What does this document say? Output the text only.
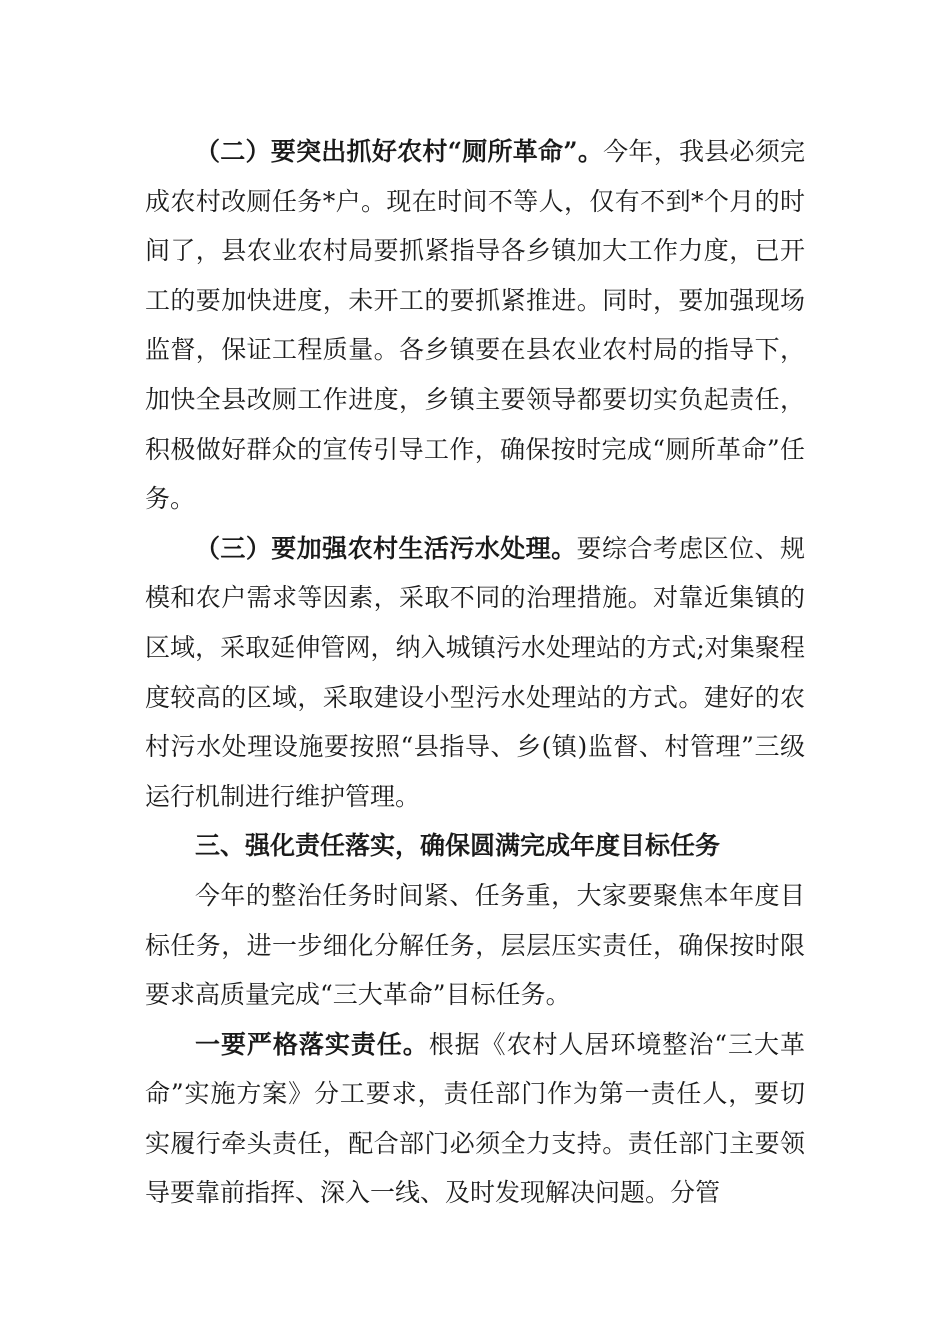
（二）要突出抓好农村“厕所革命”。今年，我县必须完成农村改厕任务*户。现在时间不等人，仅有不到*个月的时间了，县农业农村局要抓紧指导各乡镇加大工作力度，已开工的要加快进度，未开工的要抓紧推进。同时，要加强现场监督，保证工程质量。各乡镇要在县农业农村局的指导下，加快全县改厕工作进度，乡镇主要领导都要切实负起责任，积极做好群众的宣传引导工作，确保按时完成“厕所革命”任务。

（三）要加强农村生活污水处理。要综合考虑区位、规模和农户需求等因素，采取不同的治理措施。对靠近集镇的区域，采取延伸管网，纳入城镇污水处理站的方式;对集聚程度较高的区域，采取建设小型污水处理站的方式。建好的农村污水处理设施要按照“县指导、乡(镇)监督、村管理”三级运行机制进行维护管理。

三、强化责任落实，确保圆满完成年度目标任务

今年的整治任务时间紧、任务重，大家要聚焦本年度目标任务，进一步细化分解任务，层层压实责任，确保按时限要求高质量完成“三大革命”目标任务。

一要严格落实责任。根据《农村人居环境整治“三大革命”实施方案》分工要求，责任部门作为第一责任人，要切实履行牵头责任，配合部门必须全力支持。责任部门主要领导要靠前指挥、深入一线、及时发现解决问题。分管
